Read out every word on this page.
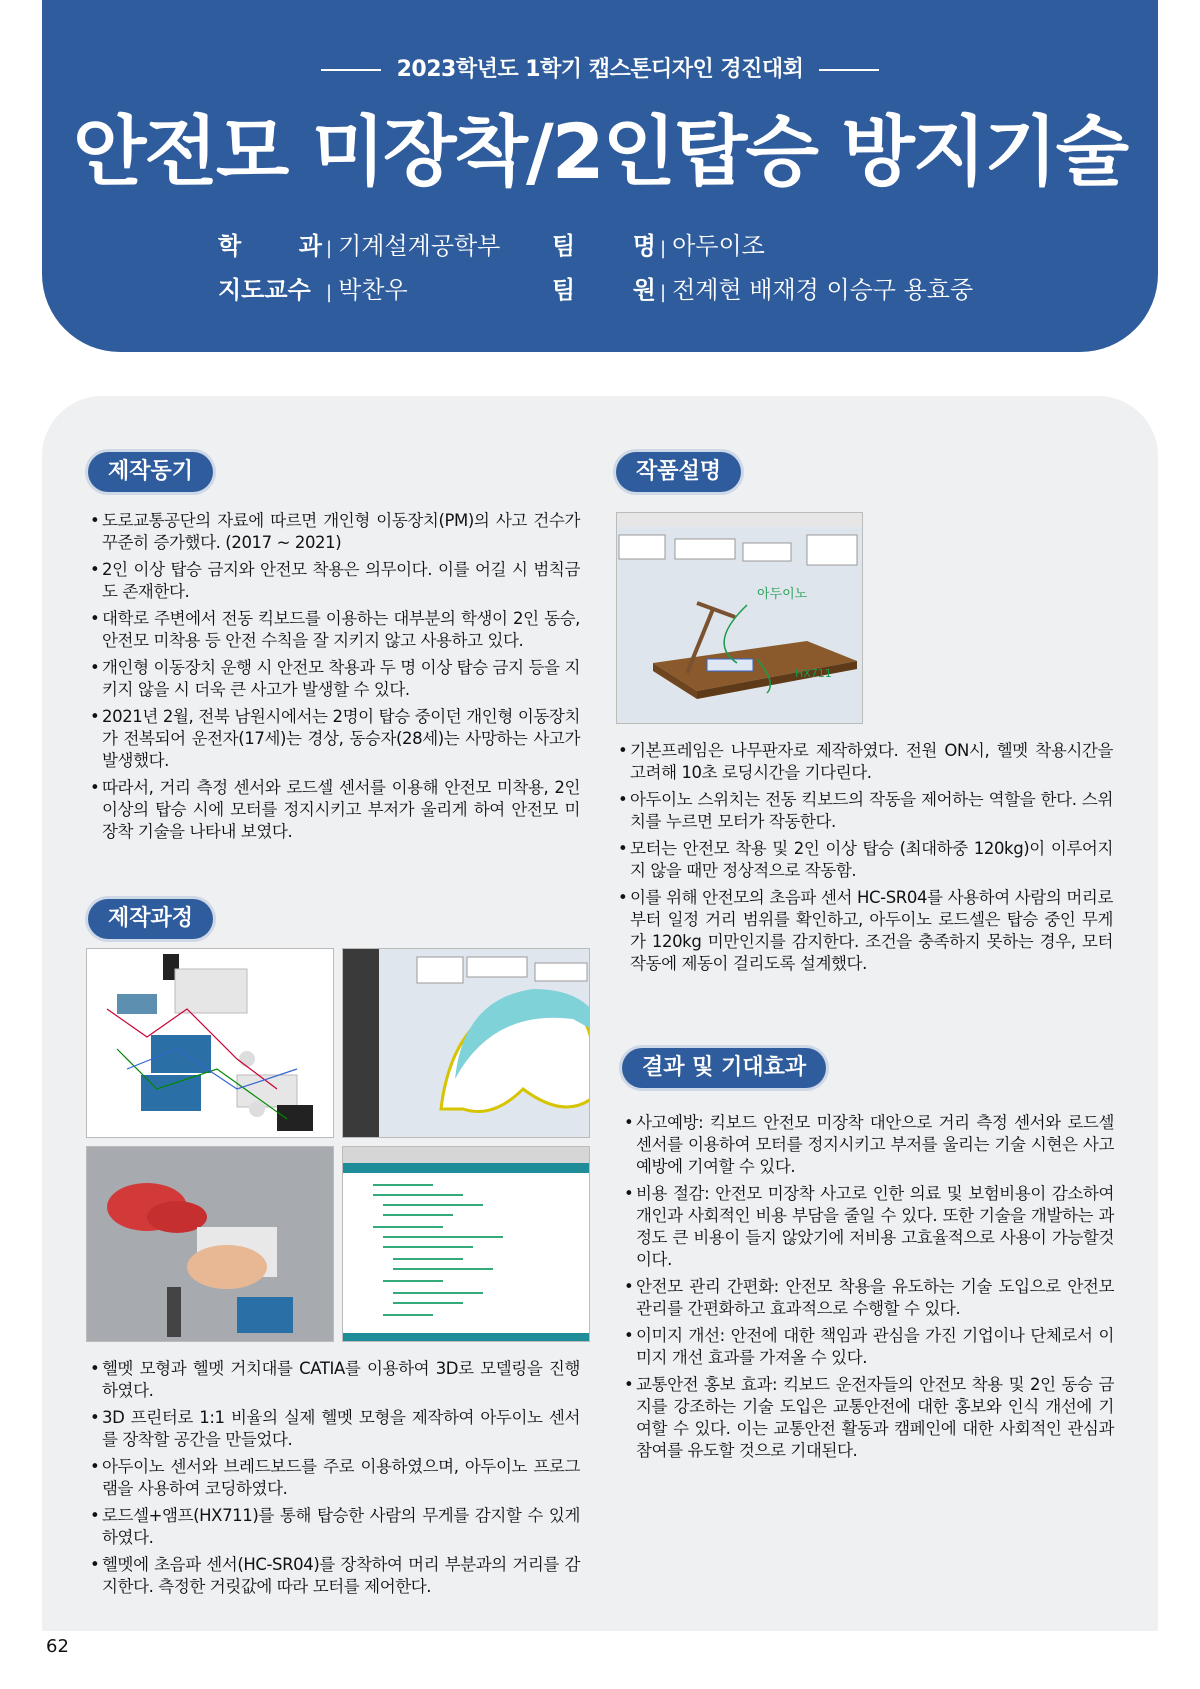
2023학년도 1학기 캡스톤디자인 경진대회
안전모 미장착/2인탑승 방지기술
학 과 | 기계설계공학부 팀 명 | 아두이조
지도교수 | 박찬우	팀 원 | 전계현 배재경 이승구 용효중
제작동기
• 도로교통공단의 자료에 따르면 개인형 이동장치(PM)의 사고 건수가 꾸준히 증가했다. (2017 ~ 2021)
• 2인 이상 탑승 금지와 안전모 착용은 의무이다. 이를 어길 시 범칙금도 존재한다.
• 대학로 주변에서 전동 킥보드를 이용하는 대부분의 학생이 2인 동승, 안전모 미착용 등 안전 수칙을 잘 지키지 않고 사용하고 있다.
• 개인형 이동장치 운행 시 안전모 착용과 두 명 이상 탑승 금지 등을 지키지 않을 시 더욱 큰 사고가 발생할 수 있다.
• 2021년 2월, 전북 남원시에서는 2명이 탑승 중이던 개인형 이동장치가 전복되어 운전자(17세)는 경상, 동승자(28세)는 사망하는 사고가 발생했다.
• 따라서, 거리 측정 센서와 로드셀 센서를 이용해 안전모 미착용, 2인 이상의 탑승 시에 모터를 정지시키고 부저가 울리게 하여 안전모 미장착 기술을 나타내 보였다.
제작과정
• 헬멧 모형과 헬멧 거치대를 CATIA를 이용하여 3D로 모델링을 진행하였다.
• 3D 프린터로 1:1 비율의 실제 헬멧 모형을 제작하여 아두이노 센서를 장착할 공간을 만들었다.
• 아두이노 센서와 브레드보드를 주로 이용하였으며, 아두이노 프로그램을 사용하여 코딩하였다.
• 로드셀+앰프(HX711)를 통해 탑승한 사람의 무게를 감지할 수 있게 하였다.
• 헬멧에 초음파 센서(HC-SR04)를 장착하여 머리 부분과의 거리를 감지한다. 측정한 거릿값에 따라 모터를 제어한다.
작품설명
아두이노
HX711
• 기본프레임은 나무판자로 제작하였다. 전원 ON시, 헬멧 착용시간을 고려해 10초 로딩시간을 기다린다.
• 아두이노 스위치는 전동 킥보드의 작동을 제어하는 역할을 한다. 스위치를 누르면 모터가 작동한다.
• 모터는 안전모 착용 및 2인 이상 탑승 (최대하중 120kg)이 이루어지지 않을 때만 정상적으로 작동함.
• 이를 위해 안전모의 초음파 센서 HC-SR04를 사용하여 사람의 머리로부터 일정 거리 범위를 확인하고, 아두이노 로드셀은 탑승 중인 무게가 120kg 미만인지를 감지한다. 조건을 충족하지 못하는 경우, 모터 작동에 제동이 걸리도록 설계했다.
결과 및 기대효과
• 사고예방: 킥보드 안전모 미장착 대안으로 거리 측정 센서와 로드셀 센서를 이용하여 모터를 정지시키고 부저를 울리는 기술 시현은 사고예방에 기여할 수 있다.
• 비용 절감: 안전모 미장착 사고로 인한 의료 및 보험비용이 감소하여 개인과 사회적인 비용 부담을 줄일 수 있다. 또한 기술을 개발하는 과정도 큰 비용이 들지 않았기에 저비용 고효율적으로 사용이 가능할것이다.
• 안전모 관리 간편화: 안전모 착용을 유도하는 기술 도입으로 안전모 관리를 간편화하고 효과적으로 수행할 수 있다.
• 이미지 개선: 안전에 대한 책임과 관심을 가진 기업이나 단체로서 이미지 개선 효과를 가져올 수 있다.
• 교통안전 홍보 효과: 킥보드 운전자들의 안전모 착용 및 2인 동승 금지를 강조하는 기술 도입은 교통안전에 대한 홍보와 인식 개선에 기여할 수 있다. 이는 교통안전 활동과 캠페인에 대한 사회적인 관심과 참여를 유도할 것으로 기대된다.
62
